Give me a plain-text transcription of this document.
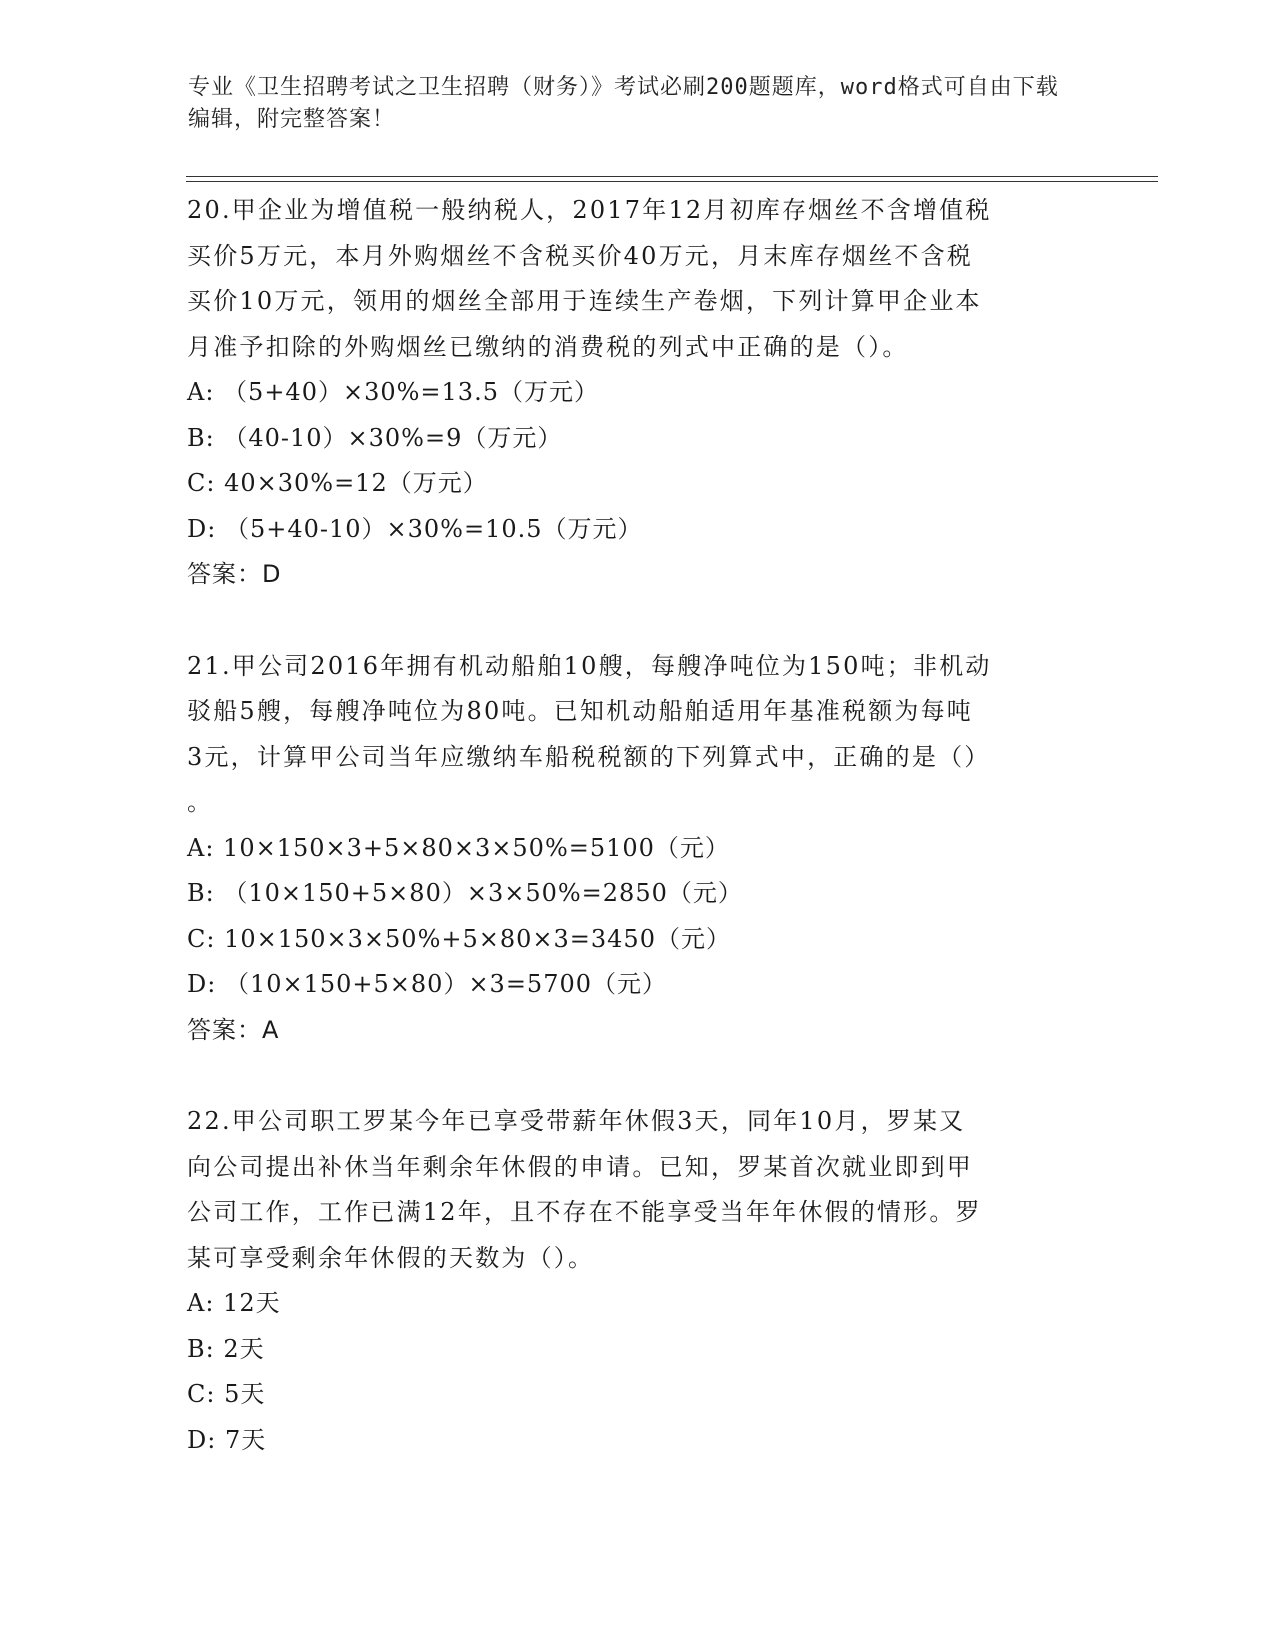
专业《卫生招聘考试之卫生招聘（财务）》考试必刷200题题库，word格式可自由下载编辑，附完整答案！

20.甲企业为增值税一般纳税人，2017年12月初库存烟丝不含增值税

买价5万元，本月外购烟丝不含税买价40万元，月末库存烟丝不含税

买价10万元，领用的烟丝全部用于连续生产卷烟，下列计算甲企业本

月准予扣除的外购烟丝已缴纳的消费税的列式中正确的是（）。

A: （5+40）×30%=13.5（万元）

B: （40-10）×30%=9（万元）

C: 40×30%=12（万元）

D: （5+40-10）×30%=10.5（万元）

答案：D

21.甲公司2016年拥有机动船舶10艘，每艘净吨位为150吨；非机动

驳船5艘，每艘净吨位为80吨。已知机动船舶适用年基准税额为每吨

3元，计算甲公司当年应缴纳车船税税额的下列算式中，正确的是（）

。

A: 10×150×3+5×80×3×50%=5100（元）

B: （10×150+5×80）×3×50%=2850（元）

C: 10×150×3×50%+5×80×3=3450（元）

D: （10×150+5×80）×3=5700（元）

答案：A

22.甲公司职工罗某今年已享受带薪年休假3天，同年10月，罗某又

向公司提出补休当年剩余年休假的申请。已知，罗某首次就业即到甲

公司工作，工作已满12年，且不存在不能享受当年年休假的情形。罗

某可享受剩余年休假的天数为（）。

A: 12天

B: 2天

C: 5天

D: 7天
